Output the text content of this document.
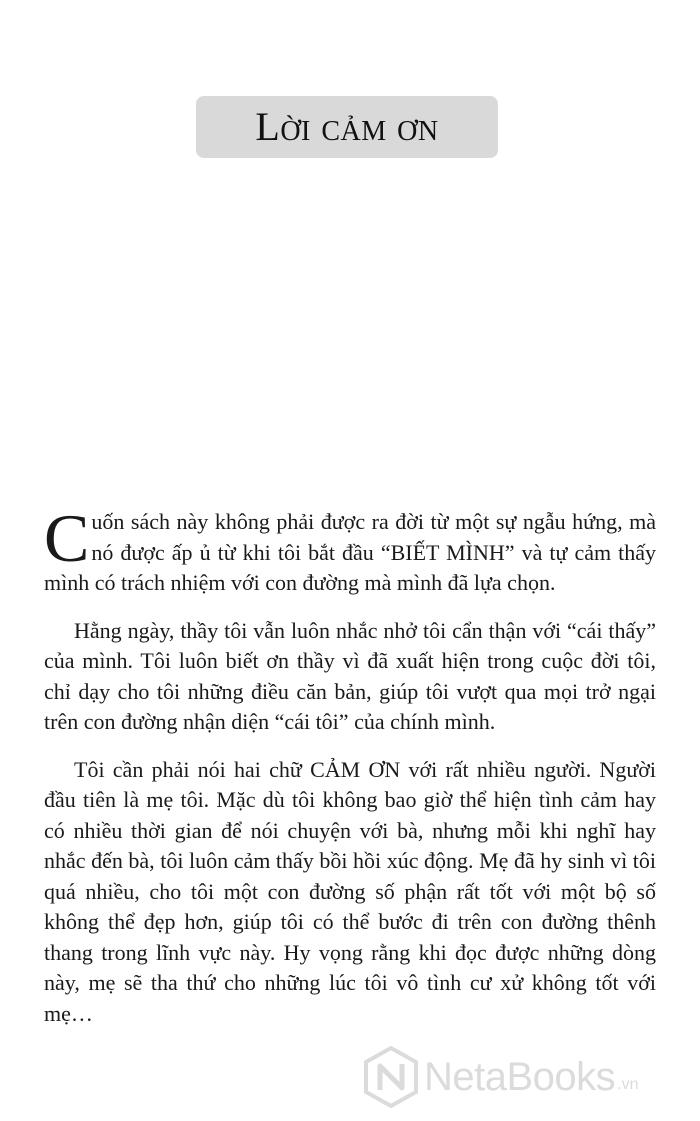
Lời cảm ơn

Cuốn sách này không phải được ra đời từ một sự ngẫu hứng, mà nó được ấp ủ từ khi tôi bắt đầu “BIẾT MÌNH” và tự cảm thấy mình có trách nhiệm với con đường mà mình đã lựa chọn.

Hằng ngày, thầy tôi vẫn luôn nhắc nhở tôi cẩn thận với “cái thấy” của mình. Tôi luôn biết ơn thầy vì đã xuất hiện trong cuộc đời tôi, chỉ dạy cho tôi những điều căn bản, giúp tôi vượt qua mọi trở ngại trên con đường nhận diện “cái tôi” của chính mình.

Tôi cần phải nói hai chữ CẢM ƠN với rất nhiều người. Người đầu tiên là mẹ tôi. Mặc dù tôi không bao giờ thể hiện tình cảm hay có nhiều thời gian để nói chuyện với bà, nhưng mỗi khi nghĩ hay nhắc đến bà, tôi luôn cảm thấy bồi hồi xúc động. Mẹ đã hy sinh vì tôi quá nhiều, cho tôi một con đường số phận rất tốt với một bộ số không thể đẹp hơn, giúp tôi có thể bước đi trên con đường thênh thang trong lĩnh vực này. Hy vọng rằng khi đọc được những dòng này, mẹ sẽ tha thứ cho những lúc tôi vô tình cư xử không tốt với mẹ…

NetaBooks .vn
